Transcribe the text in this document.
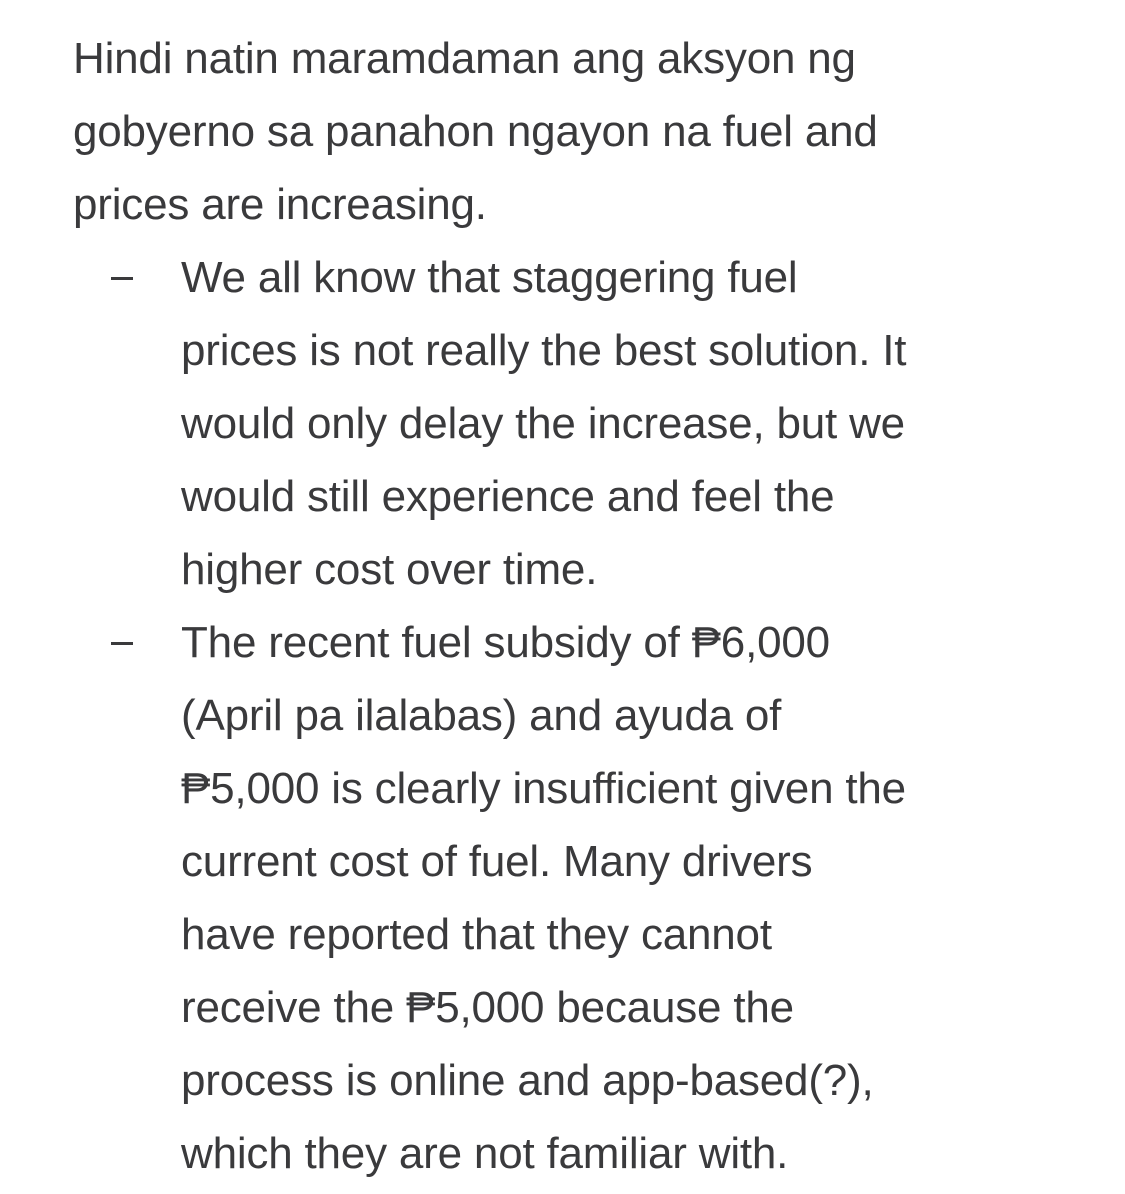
Hindi natin maramdaman ang aksyon ng
gobyerno sa panahon ngayon na fuel and
prices are increasing.
We all know that staggering fuel
prices is not really the best solution. It
would only delay the increase, but we
would still experience and feel the
higher cost over time.
The recent fuel subsidy of ₱6,000
(April pa ilalabas) and ayuda of
₱5,000 is clearly insufficient given the
current cost of fuel. Many drivers
have reported that they cannot
receive the ₱5,000 because the
process is online and app-based(?),
which they are not familiar with.
